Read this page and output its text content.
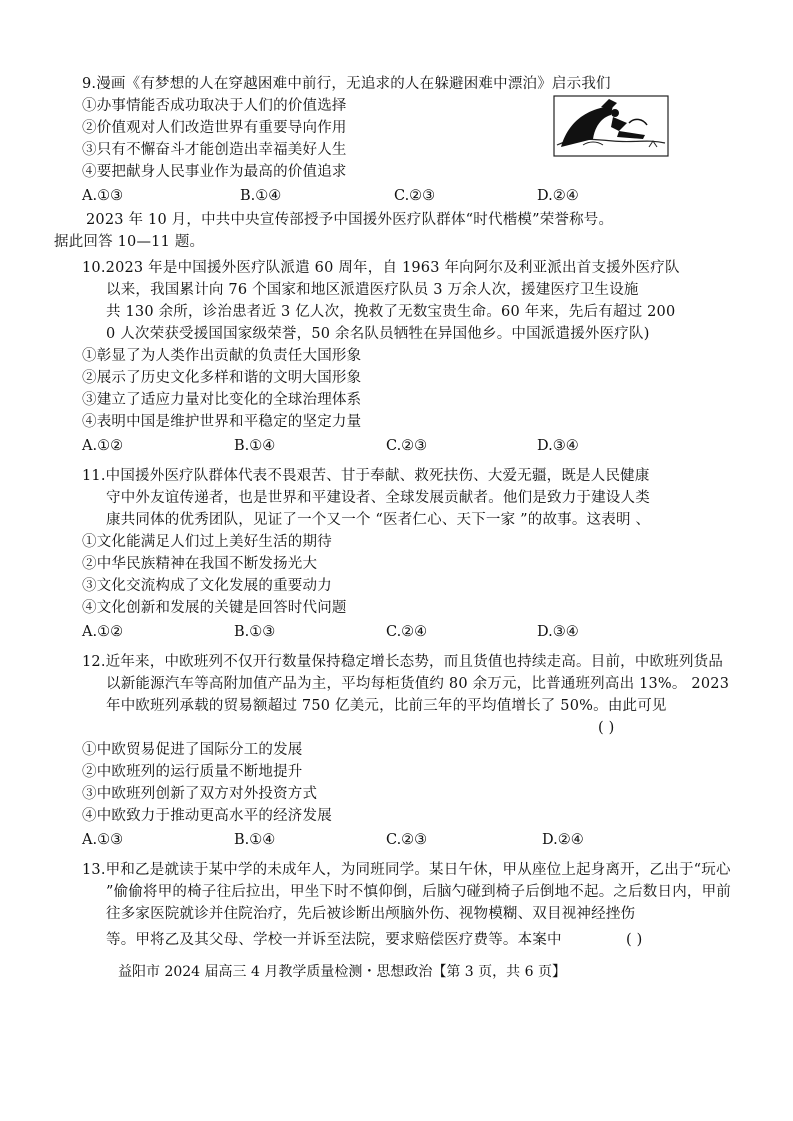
9.漫画《有梦想的人在穿越困难中前行，无追求的人在躲避困难中漂泊》启示我们
①办事情能否成功取决于人们的价值选择
②价值观对人们改造世界有重要导向作用
③只有不懈奋斗才能创造出幸福美好人生
④要把献身人民事业作为最高的价值追求
A.①③	B.①④	C.②③	D.②④
2023 年 10 月，中共中央宣传部授予中国援外医疗队群体“时代楷模”荣誉称号。
据此回答 10—11 题。
10.2023 年是中国援外医疗队派遣 60 周年，自 1963 年向阿尔及利亚派出首支援外医疗队
以来，我国累计向 76 个国家和地区派遣医疗队员 3 万余人次，援建医疗卫生设施
共 130 余所，诊治患者近 3 亿人次，挽救了无数宝贵生命。60 年来，先后有超过 200
0 人次荣获受援国国家级荣誉，50 余名队员牺牲在异国他乡。中国派遣援外医疗队)
①彰显了为人类作出贡献的负责任大国形象
②展示了历史文化多样和谐的文明大国形象
③建立了适应力量对比变化的全球治理体系
④表明中国是维护世界和平稳定的坚定力量
A.①②	B.①④	C.②③	D.③④
11.中国援外医疗队群体代表不畏艰苦、甘于奉献、救死扶伤、大爱无疆，既是人民健康
守中外友谊传递者，也是世界和平建设者、全球发展贡献者。他们是致力于建设人类
康共同体的优秀团队，见证了一个又一个 “医者仁心、天下一家 ”的故事。这表明 、
①文化能满足人们过上美好生活的期待
②中华民族精神在我国不断发扬光大
③文化交流构成了文化发展的重要动力
④文化创新和发展的关键是回答时代问题
A.①②	B.①③	C.②④	D.③④
12.近年来，中欧班列不仅开行数量保持稳定增长态势，而且货值也持续走高。目前，中欧班列货品
以新能源汽车等高附加值产品为主，平均每柜货值约 80 余万元，比普通班列高出 13%。 2023
年中欧班列承载的贸易额超过 750 亿美元，比前三年的平均值增长了 50%。由此可见
( )
①中欧贸易促进了国际分工的发展
②中欧班列的运行质量不断地提升
③中欧班列创新了双方对外投资方式
④中欧致力于推动更高水平的经济发展
A.①③	B.①④	C.②③	D.②④
13.甲和乙是就读于某中学的未成年人，为同班同学。某日午休，甲从座位上起身离开，乙出于“玩心
”偷偷将甲的椅子往后拉出，甲坐下时不慎仰倒，后脑勺碰到椅子后倒地不起。之后数日内，甲前
往多家医院就诊并住院治疗，先后被诊断出颅脑外伤、视物模糊、双目视神经挫伤
等。甲将乙及其父母、学校一并诉至法院，要求赔偿医疗费等。本案中	( )
益阳市 2024 届高三 4 月教学质量检测・思想政治【第 3 页，共 6 页】
